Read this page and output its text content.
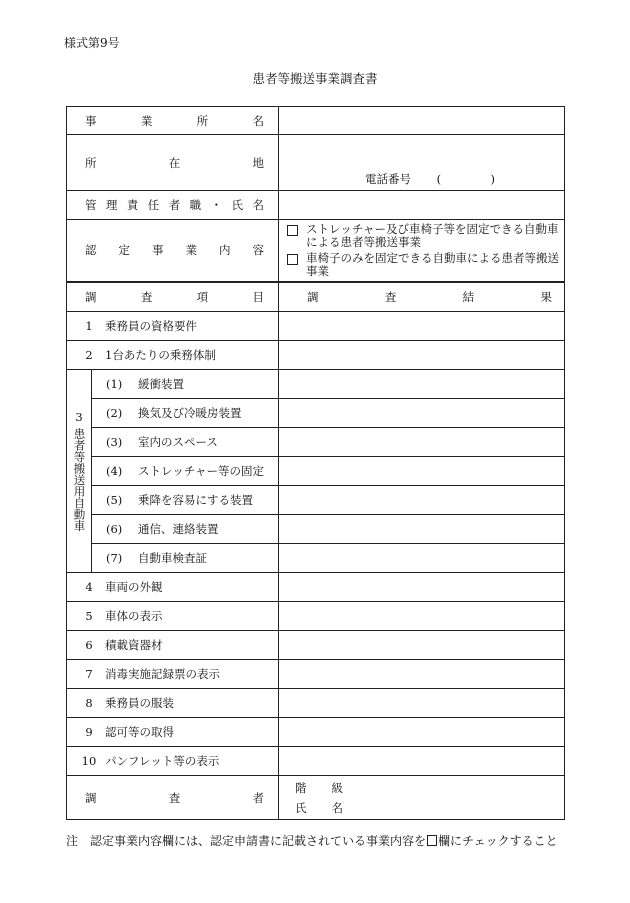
様式第9号
患者等搬送事業調査書
事業所名		
所在地		電話番号 ( )

管理責任者職・氏名		
認定事業内容		ストレッチャー及び車椅子等を固定できる自動車による患者等搬送事業
車椅子のみを固定できる自動車による患者等搬送事業

調査項目		調査結果
1 乗務員の資格要件		
2 1台あたりの乗務体制		

3
患者等搬送用自動車	(1) 緩衝装置	
	(2) 換気及び冷暖房装置	
	(3) 室内のスペース	
	(4) ストレッチャー等の固定	
	(5) 乗降を容易にする装置	
	(6) 通信、連絡装置	
	(7) 自動車検査証	
4 車両の外観		
5 車体の表示		
6 積載資器材		
7 消毒実施記録票の表示		
8 乗務員の服装		
9 認可等の取得		
10 パンフレット等の表示		
調査者		階級
氏名
注 認定事業内容欄には、認定申請書に記載されている事業内容を 欄にチェックすること
